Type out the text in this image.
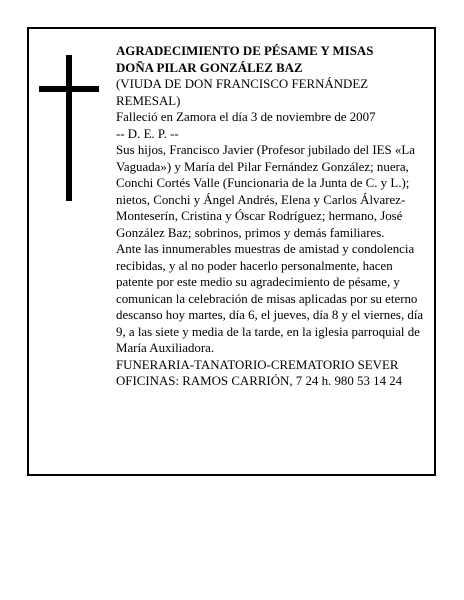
AGRADECIMIENTO DE PÉSAME Y MISAS

DOÑA PILAR GONZÁLEZ BAZ

(VIUDA DE DON FRANCISCO FERNÁNDEZ REMESAL)

Falleció en Zamora el día 3 de noviembre de 2007

-- D. E. P. --

Sus hijos, Francisco Javier (Profesor jubilado del IES «La Vaguada») y María del Pilar Fernández González; nuera, Conchi Cortés Valle (Funcionaria de la Junta de C. y L.); nietos, Conchi y Ángel Andrés, Elena y Carlos Álvarez-Monteserín, Cristina y Óscar Rodríguez; hermano, José González Baz; sobrinos, primos y demás familiares.

Ante las innumerables muestras de amistad y condolencia recibidas, y al no poder hacerlo personalmente, hacen patente por este medio su agradecimiento de pésame, y comunican la celebración de misas aplicadas por su eterno descanso hoy martes, día 6, el jueves, día 8 y el viernes, día 9, a las siete y media de la tarde, en la iglesia parroquial de María Auxiliadora.

FUNERARIA-TANATORIO-CREMATORIO SEVER

OFICINAS: RAMOS CARRIÓN, 7 24 h. 980 53 14 24
